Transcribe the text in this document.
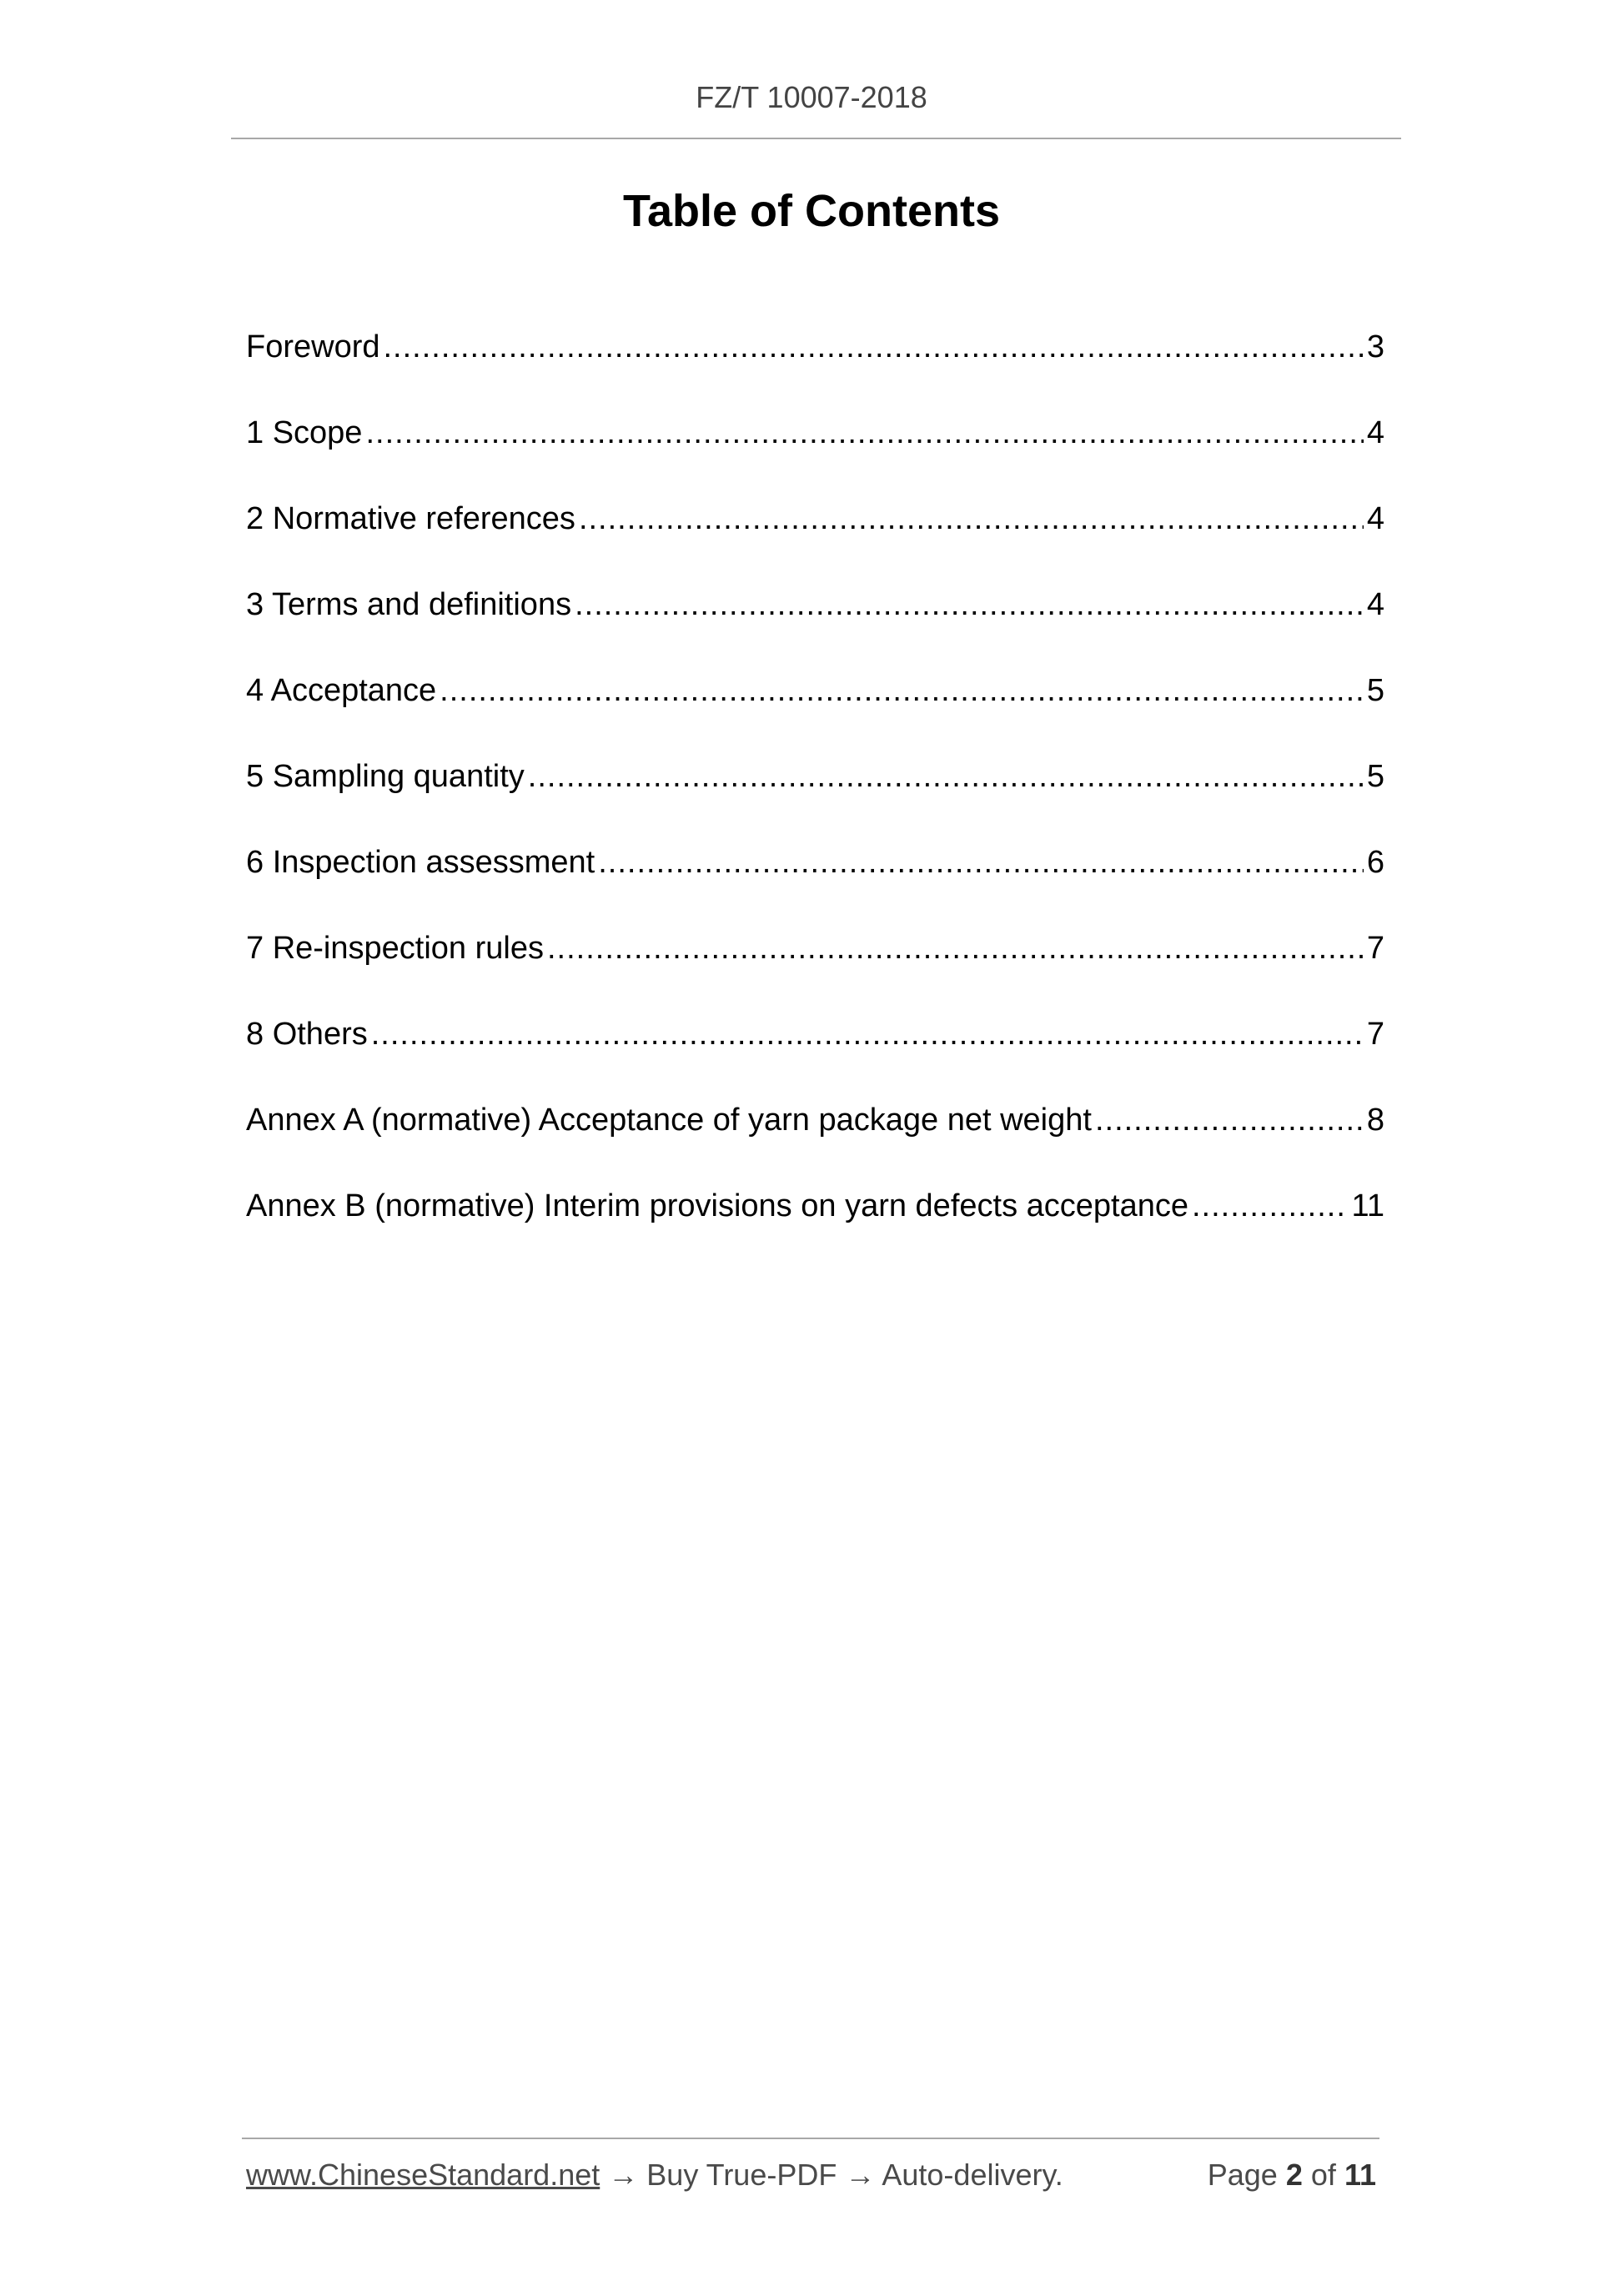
FZ/T 10007-2018
Table of Contents
Foreword .....	3
1 Scope .....	4
2 Normative references .....	4
3 Terms and definitions .....	4
4 Acceptance .....	5
5 Sampling quantity .....	5
6 Inspection assessment .....	6
7 Re-inspection rules .....	7
8 Others .....	7
Annex A (normative) Acceptance of yarn package net weight .....	8
Annex B (normative) Interim provisions on yarn defects acceptance .....	11
www.ChineseStandard.net → Buy True-PDF → Auto-delivery.	Page 2 of 11
